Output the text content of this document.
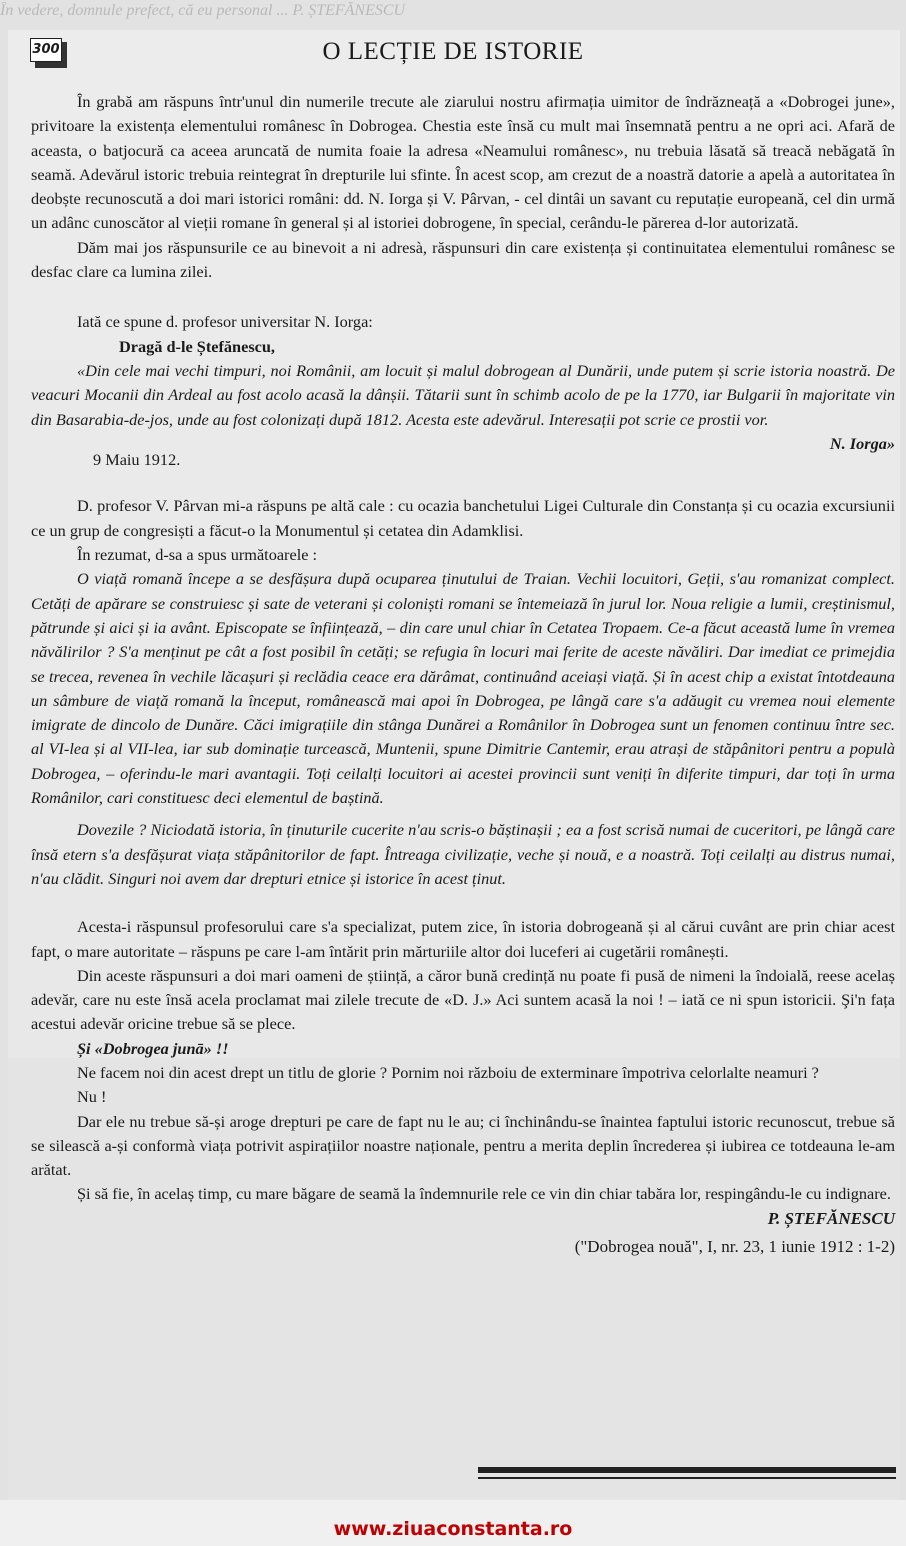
În vedere, domnule prefect, că eu personal ... P. ȘTEFĂNESCU
300	O LECȚIE DE ISTORIE

Ȋn grabă am răspuns într'unul din numerile trecute ale ziarului nostru afirmația uimitor de îndrăzneață a «Dobrogei june», privitoare la existența elementului românesc în Dobrogea. Chestia este însă cu mult mai însemnată pentru a ne opri aci. Afară de aceasta, o batjocură ca aceea aruncată de numita foaie la adresa «Neamului românesc», nu trebuia lăsată să treacă nebăgată în seamă. Adevărul istoric trebuia reintegrat în drepturile lui sfinte. În acest scop, am crezut de a noastră datorie a apelà a autoritatea în deobște recunoscută a doi mari istorici români: dd. N. Iorga și V. Pârvan, - cel dintâi un savant cu reputație europeană, cel din urmă un adânc cunoscător al vieții romane în general și al istoriei dobrogene, în special, cerându-le părerea d-lor autorizată.

Dăm mai jos răspunsurile ce au binevoit a ni adresà, răspunsuri din care existența și continuitatea elementului românesc se desfac clare ca lumina zilei.

Iată ce spune d. profesor universitar N. Iorga:

Dragă d-le Ștefănescu,

«Din cele mai vechi timpuri, noi Românii, am locuit și malul dobrogean al Dunării, unde putem și scrie istoria noastră. De veacuri Mocanii din Ardeal au fost acolo acasă la dânșii. Tătarii sunt în schimb acolo de pe la 1770, iar Bulgarii în majoritate vin din Basarabia-de-jos, unde au fost colonizați după 1812. Acesta este adevărul. Interesații pot scrie ce prostii vor.

N. Iorga»

9 Maiu 1912.

D. profesor V. Pârvan mi-a răspuns pe altă cale : cu ocazia banchetului Ligei Culturale din Constanța și cu ocazia excursiunii ce un grup de congresiști a făcut-o la Monumentul și cetatea din Adamklisi.

În rezumat, d-sa a spus următoarele :

O viață romană începe a se desfășura după ocuparea ținutului de Traian. Vechii locuitori, Geții, s'au romanizat complect. Cetăți de apărare se construiesc și sate de veterani și coloniști romani se întemeiază în jurul lor. Noua religie a lumii, creștinismul, pătrunde și aici și ia avânt. Episcopate se înființează, – din care unul chiar în Cetatea Tropaem. Ce-a făcut această lume în vremea năvălirilor ? S'a menținut pe cât a fost posibil în cetăți; se refugia în locuri mai ferite de aceste năvăliri. Dar imediat ce primejdia se trecea, revenea în vechile lăcașuri și reclădia ceace era dărâmat, continuând aceiași viață. Și în acest chip a existat întotdeauna un sâmbure de viață romană la început, românească mai apoi în Dobrogea, pe lângă care s'a adăugit cu vremea noui elemente imigrate de dincolo de Dunăre. Căci imigrațiile din stânga Dunărei a Românilor în Dobrogea sunt un fenomen continuu între sec. al VI-lea și al VII-lea, iar sub dominație turcească, Muntenii, spune Dimitrie Cantemir, erau atrași de stăpânitori pentru a populà Dobrogea, – oferindu-le mari avantagii. Toți ceilalți locuitori ai acestei provincii sunt veniți în diferite timpuri, dar toți în urma Românilor, cari constituesc deci elementul de baștină.

Dovezile ? Niciodată istoria, în ținuturile cucerite n'au scris-o băștinașii ; ea a fost scrisă numai de cuceritori, pe lângă care însă etern s'a desfășurat viața stăpânitorilor de fapt. Întreaga civilizație, veche și nouă, e a noastră. Toți ceilalți au distrus numai, n'au clădit. Singuri noi avem dar drepturi etnice și istorice în acest ținut.

Acesta-i răspunsul profesorului care s'a specializat, putem zice, în istoria dobrogeană și al cărui cuvânt are prin chiar acest fapt, o mare autoritate – răspuns pe care l-am întărit prin mărturiile altor doi luceferi ai cugetării românești.

Din aceste răspunsuri a doi mari oameni de știință, a căror bună credință nu poate fi pusă de nimeni la îndoială, reese acelaș adevăr, care nu este însă acela proclamat mai zilele trecute de «D. J.» Aci suntem acasă la noi ! – iată ce ni spun istoricii. Şi'n fața acestui adevăr oricine trebue să se plece.

Și «Dobrogea junā» !!

Ne facem noi din acest drept un titlu de glorie ? Pornim noi războiu de exterminare împotriva celorlalte neamuri ?

Nu !

Dar ele nu trebue să-și aroge drepturi pe care de fapt nu le au; ci închinându-se înaintea faptului istoric recunoscut, trebue să se silească a-și conformà viața potrivit aspirațiilor noastre naționale, pentru a merita deplin încrederea și iubirea ce totdeauna le-am arătat.

Și să fie, în acelaș timp, cu mare băgare de seamă la îndemnurile rele ce vin din chiar tabăra lor, respingându-le cu indignare.

P. ȘTEFĂNESCU
("Dobrogea nouă", I, nr. 23, 1 iunie 1912 : 1-2)
www.ziuaconstanta.ro
